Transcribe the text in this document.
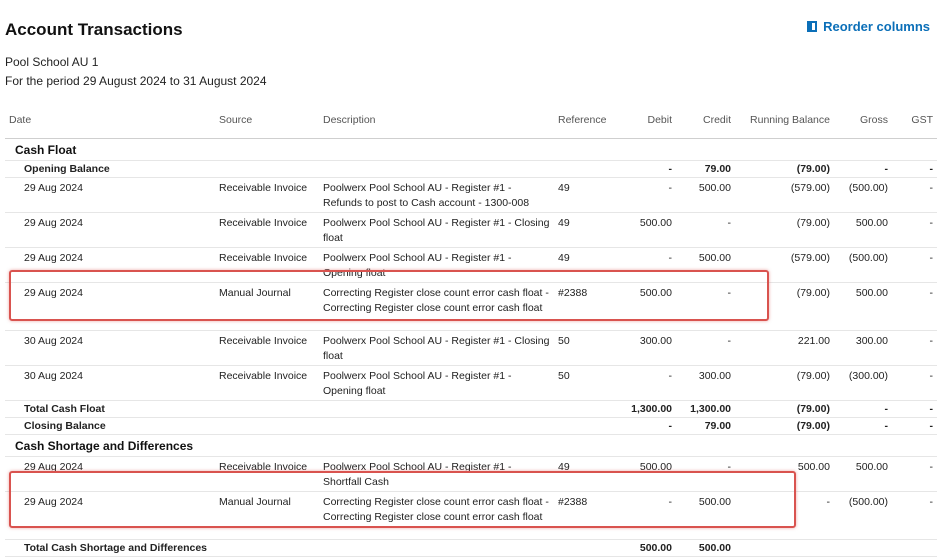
Account Transactions	Reorder columns
Pool School AU 1
For the period 29 August 2024 to 31 August 2024
Date	Source	Description	Reference	Debit	Credit	Running Balance	Gross	GST
Cash Float								
Opening Balance				-	79.00	(79.00)	-	-
29 Aug 2024	Receivable Invoice	Poolwerx Pool School AU - Register #1 - Refunds to post to Cash account - 1300-008	49	-	500.00	(579.00)	(500.00)	-
29 Aug 2024	Receivable Invoice	Poolwerx Pool School AU - Register #1 - Closing float	49	500.00	-	(79.00)	500.00	-
29 Aug 2024	Receivable Invoice	Poolwerx Pool School AU - Register #1 - Opening float	49	-	500.00	(579.00)	(500.00)	-
29 Aug 2024	Manual Journal	Correcting Register close count error cash float - Correcting Register close count error cash float	#2388	500.00	-	(79.00)	500.00	-
30 Aug 2024	Receivable Invoice	Poolwerx Pool School AU - Register #1 - Closing float	50	300.00	-	221.00	300.00	-
30 Aug 2024	Receivable Invoice	Poolwerx Pool School AU - Register #1 - Opening float	50	-	300.00	(79.00)	(300.00)	-
Total Cash Float				1,300.00	1,300.00	(79.00)	-	-
Closing Balance				-	79.00	(79.00)	-	-
Cash Shortage and Differences								
29 Aug 2024	Receivable Invoice	Poolwerx Pool School AU - Register #1 - Shortfall Cash	49	500.00	-	500.00	500.00	-
29 Aug 2024	Manual Journal	Correcting Register close count error cash float - Correcting Register close count error cash float	#2388	-	500.00	-	(500.00)	-
Total Cash Shortage and Differences				500.00	500.00			
